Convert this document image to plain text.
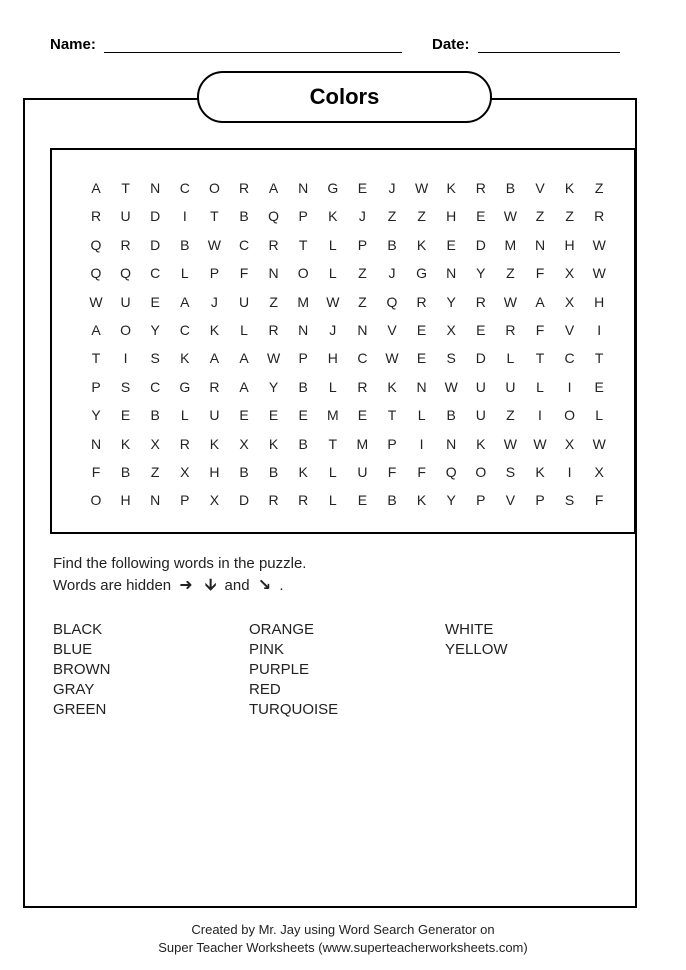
Name:	Date:
Colors
A	T	N	C	O	R	A	N	G	E	J	W	K	R	B	V	K	Z
R	U	D	I	T	B	Q	P	K	J	Z	Z	H	E	W	Z	Z	R
Q	R	D	B	W	C	R	T	L	P	B	K	E	D	M	N	H	W
Q	Q	C	L	P	F	N	O	L	Z	J	G	N	Y	Z	F	X	W
W	U	E	A	J	U	Z	M	W	Z	Q	R	Y	R	W	A	X	H
A	O	Y	C	K	L	R	N	J	N	V	E	X	E	R	F	V	I
T	I	S	K	A	A	W	P	H	C	W	E	S	D	L	T	C	T
P	S	C	G	R	A	Y	B	L	R	K	N	W	U	U	L	I	E
Y	E	B	L	U	E	E	E	M	E	T	L	B	U	Z	I	O	L
N	K	X	R	K	X	K	B	T	M	P	I	N	K	W	W	X	W
F	B	Z	X	H	B	B	K	L	U	F	F	Q	O	S	K	I	X
O	H	N	P	X	D	R	R	L	E	B	K	Y	P	V	P	S	F
Find the following words in the puzzle.
Words are hidden ➜ 🡫 and ↘ .
BLACK
BLUE
BROWN
GRAY
GREEN
ORANGE
PINK
PURPLE
RED
TURQUOISE
WHITE
YELLOW
Created by Mr. Jay using Word Search Generator on
Super Teacher Worksheets (www.superteacherworksheets.com)
